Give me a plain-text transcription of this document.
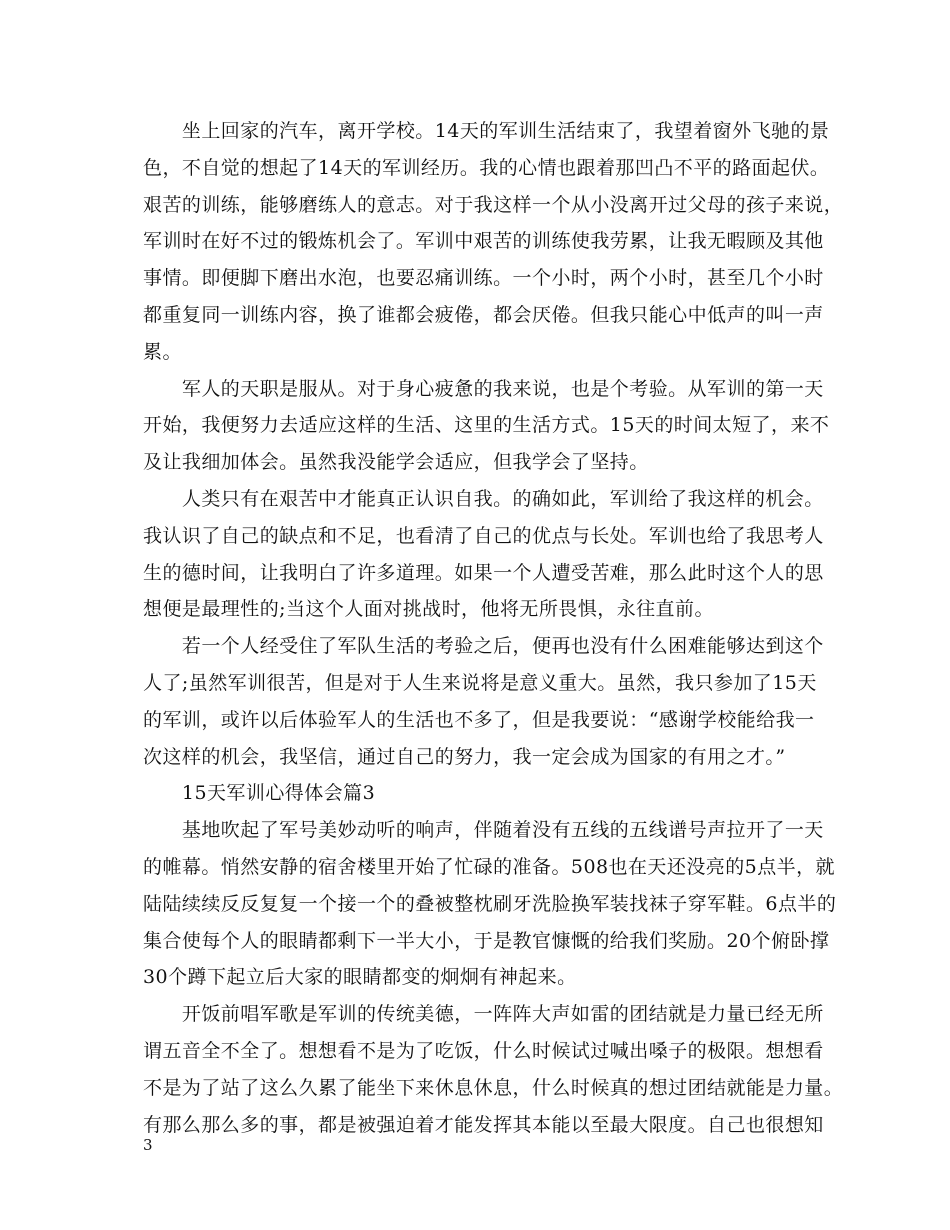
　　坐上回家的汽车，离开学校。14天的军训生活结束了，我望着窗外飞驰的景
色，不自觉的想起了14天的军训经历。我的心情也跟着那凹凸不平的路面起伏。
艰苦的训练，能够磨练人的意志。对于我这样一个从小没离开过父母的孩子来说，
军训时在好不过的锻炼机会了。军训中艰苦的训练使我劳累，让我无暇顾及其他
事情。即便脚下磨出水泡，也要忍痛训练。一个小时，两个小时，甚至几个小时
都重复同一训练内容，换了谁都会疲倦，都会厌倦。但我只能心中低声的叫一声
累。
　　军人的天职是服从。对于身心疲惫的我来说，也是个考验。从军训的第一天
开始，我便努力去适应这样的生活、这里的生活方式。15天的时间太短了，来不
及让我细加体会。虽然我没能学会适应，但我学会了坚持。
　　人类只有在艰苦中才能真正认识自我。的确如此，军训给了我这样的机会。
我认识了自己的缺点和不足，也看清了自己的优点与长处。军训也给了我思考人
生的德时间，让我明白了许多道理。如果一个人遭受苦难，那么此时这个人的思
想便是最理性的;当这个人面对挑战时，他将无所畏惧，永往直前。
　　若一个人经受住了军队生活的考验之后，便再也没有什么困难能够达到这个
人了;虽然军训很苦，但是对于人生来说将是意义重大。虽然，我只参加了15天
的军训，或许以后体验军人的生活也不多了，但是我要说：“感谢学校能给我一
次这样的机会，我坚信，通过自己的努力，我一定会成为国家的有用之才。”
　　15天军训心得体会篇3
　　基地吹起了军号美妙动听的响声，伴随着没有五线的五线谱号声拉开了一天
的帷幕。悄然安静的宿舍楼里开始了忙碌的准备。508也在天还没亮的5点半，就
陆陆续续反反复复一个接一个的叠被整枕刷牙洗脸换军装找袜子穿军鞋。6点半的
集合使每个人的眼睛都剩下一半大小，于是教官慷慨的给我们奖励。20个俯卧撑
30个蹲下起立后大家的眼睛都变的炯炯有神起来。
　　开饭前唱军歌是军训的传统美德，一阵阵大声如雷的团结就是力量已经无所
谓五音全不全了。想想看不是为了吃饭，什么时候试过喊出嗓子的极限。想想看
不是为了站了这么久累了能坐下来休息休息，什么时候真的想过团结就能是力量。
有那么那么多的事，都是被强迫着才能发挥其本能以至最大限度。自己也很想知
3
